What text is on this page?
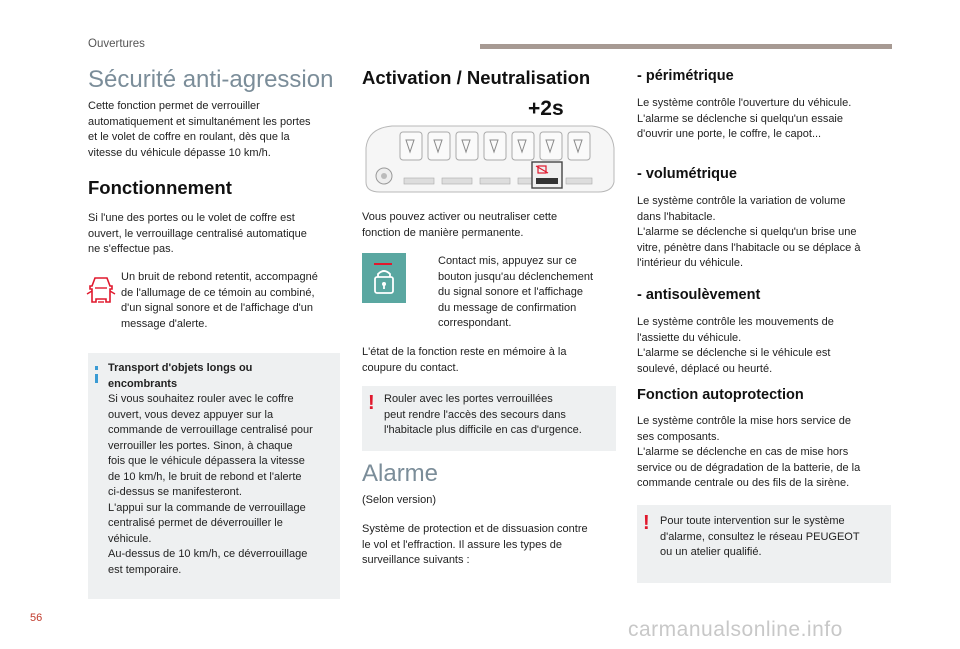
Ouvertures
Sécurité anti-agression

Cette fonction permet de verrouiller

automatiquement et simultanément les portes

et le volet de coffre en roulant, dès que la

vitesse du véhicule dépasse 10 km/h.

Fonctionnement

Si l'une des portes ou le volet de coffre est

ouvert, le verrouillage centralisé automatique

ne s'effectue pas.

Un bruit de rebond retentit, accompagné

de l'allumage de ce témoin au combiné,

d'un signal sonore et de l'affichage d'un

message d'alerte.

Transport d'objets longs ou

encombrants

Si vous souhaitez rouler avec le coffre

ouvert, vous devez appuyer sur la

commande de verrouillage centralisé pour

verrouiller les portes. Sinon, à chaque

fois que le véhicule dépassera la vitesse

de 10 km/h, le bruit de rebond et l'alerte

ci-dessus se manifesteront.

L'appui sur la commande de verrouillage

centralisé permet de déverrouiller le

véhicule.

Au-dessus de 10 km/h, ce déverrouillage

est temporaire.

Activation / Neutralisation
+2s

Vous pouvez activer ou neutraliser cette

fonction de manière permanente.

Contact mis, appuyez sur ce

bouton jusqu'au déclenchement

du signal sonore et l'affichage

du message de confirmation

correspondant.

L'état de la fonction reste en mémoire à la

coupure du contact.

! Rouler avec les portes verrouillées

peut rendre l'accès des secours dans

l'habitacle plus difficile en cas d'urgence.

Alarme

(Selon version)

Système de protection et de dissuasion contre

le vol et l'effraction. Il assure les types de

surveillance suivants :

- périmétrique

Le système contrôle l'ouverture du véhicule.

L'alarme se déclenche si quelqu'un essaie

d'ouvrir une porte, le coffre, le capot...

- volumétrique

Le système contrôle la variation de volume

dans l'habitacle.

L'alarme se déclenche si quelqu'un brise une

vitre, pénètre dans l'habitacle ou se déplace à

l'intérieur du véhicule.

- antisoulèvement

Le système contrôle les mouvements de

l'assiette du véhicule.

L'alarme se déclenche si le véhicule est

soulevé, déplacé ou heurté.

Fonction autoprotection

Le système contrôle la mise hors service de

ses composants.

L'alarme se déclenche en cas de mise hors

service ou de dégradation de la batterie, de la

commande centrale ou des fils de la sirène.

! Pour toute intervention sur le système

d'alarme, consultez le réseau PEUGEOT

ou un atelier qualifié.

56	carmanualsonline.info
